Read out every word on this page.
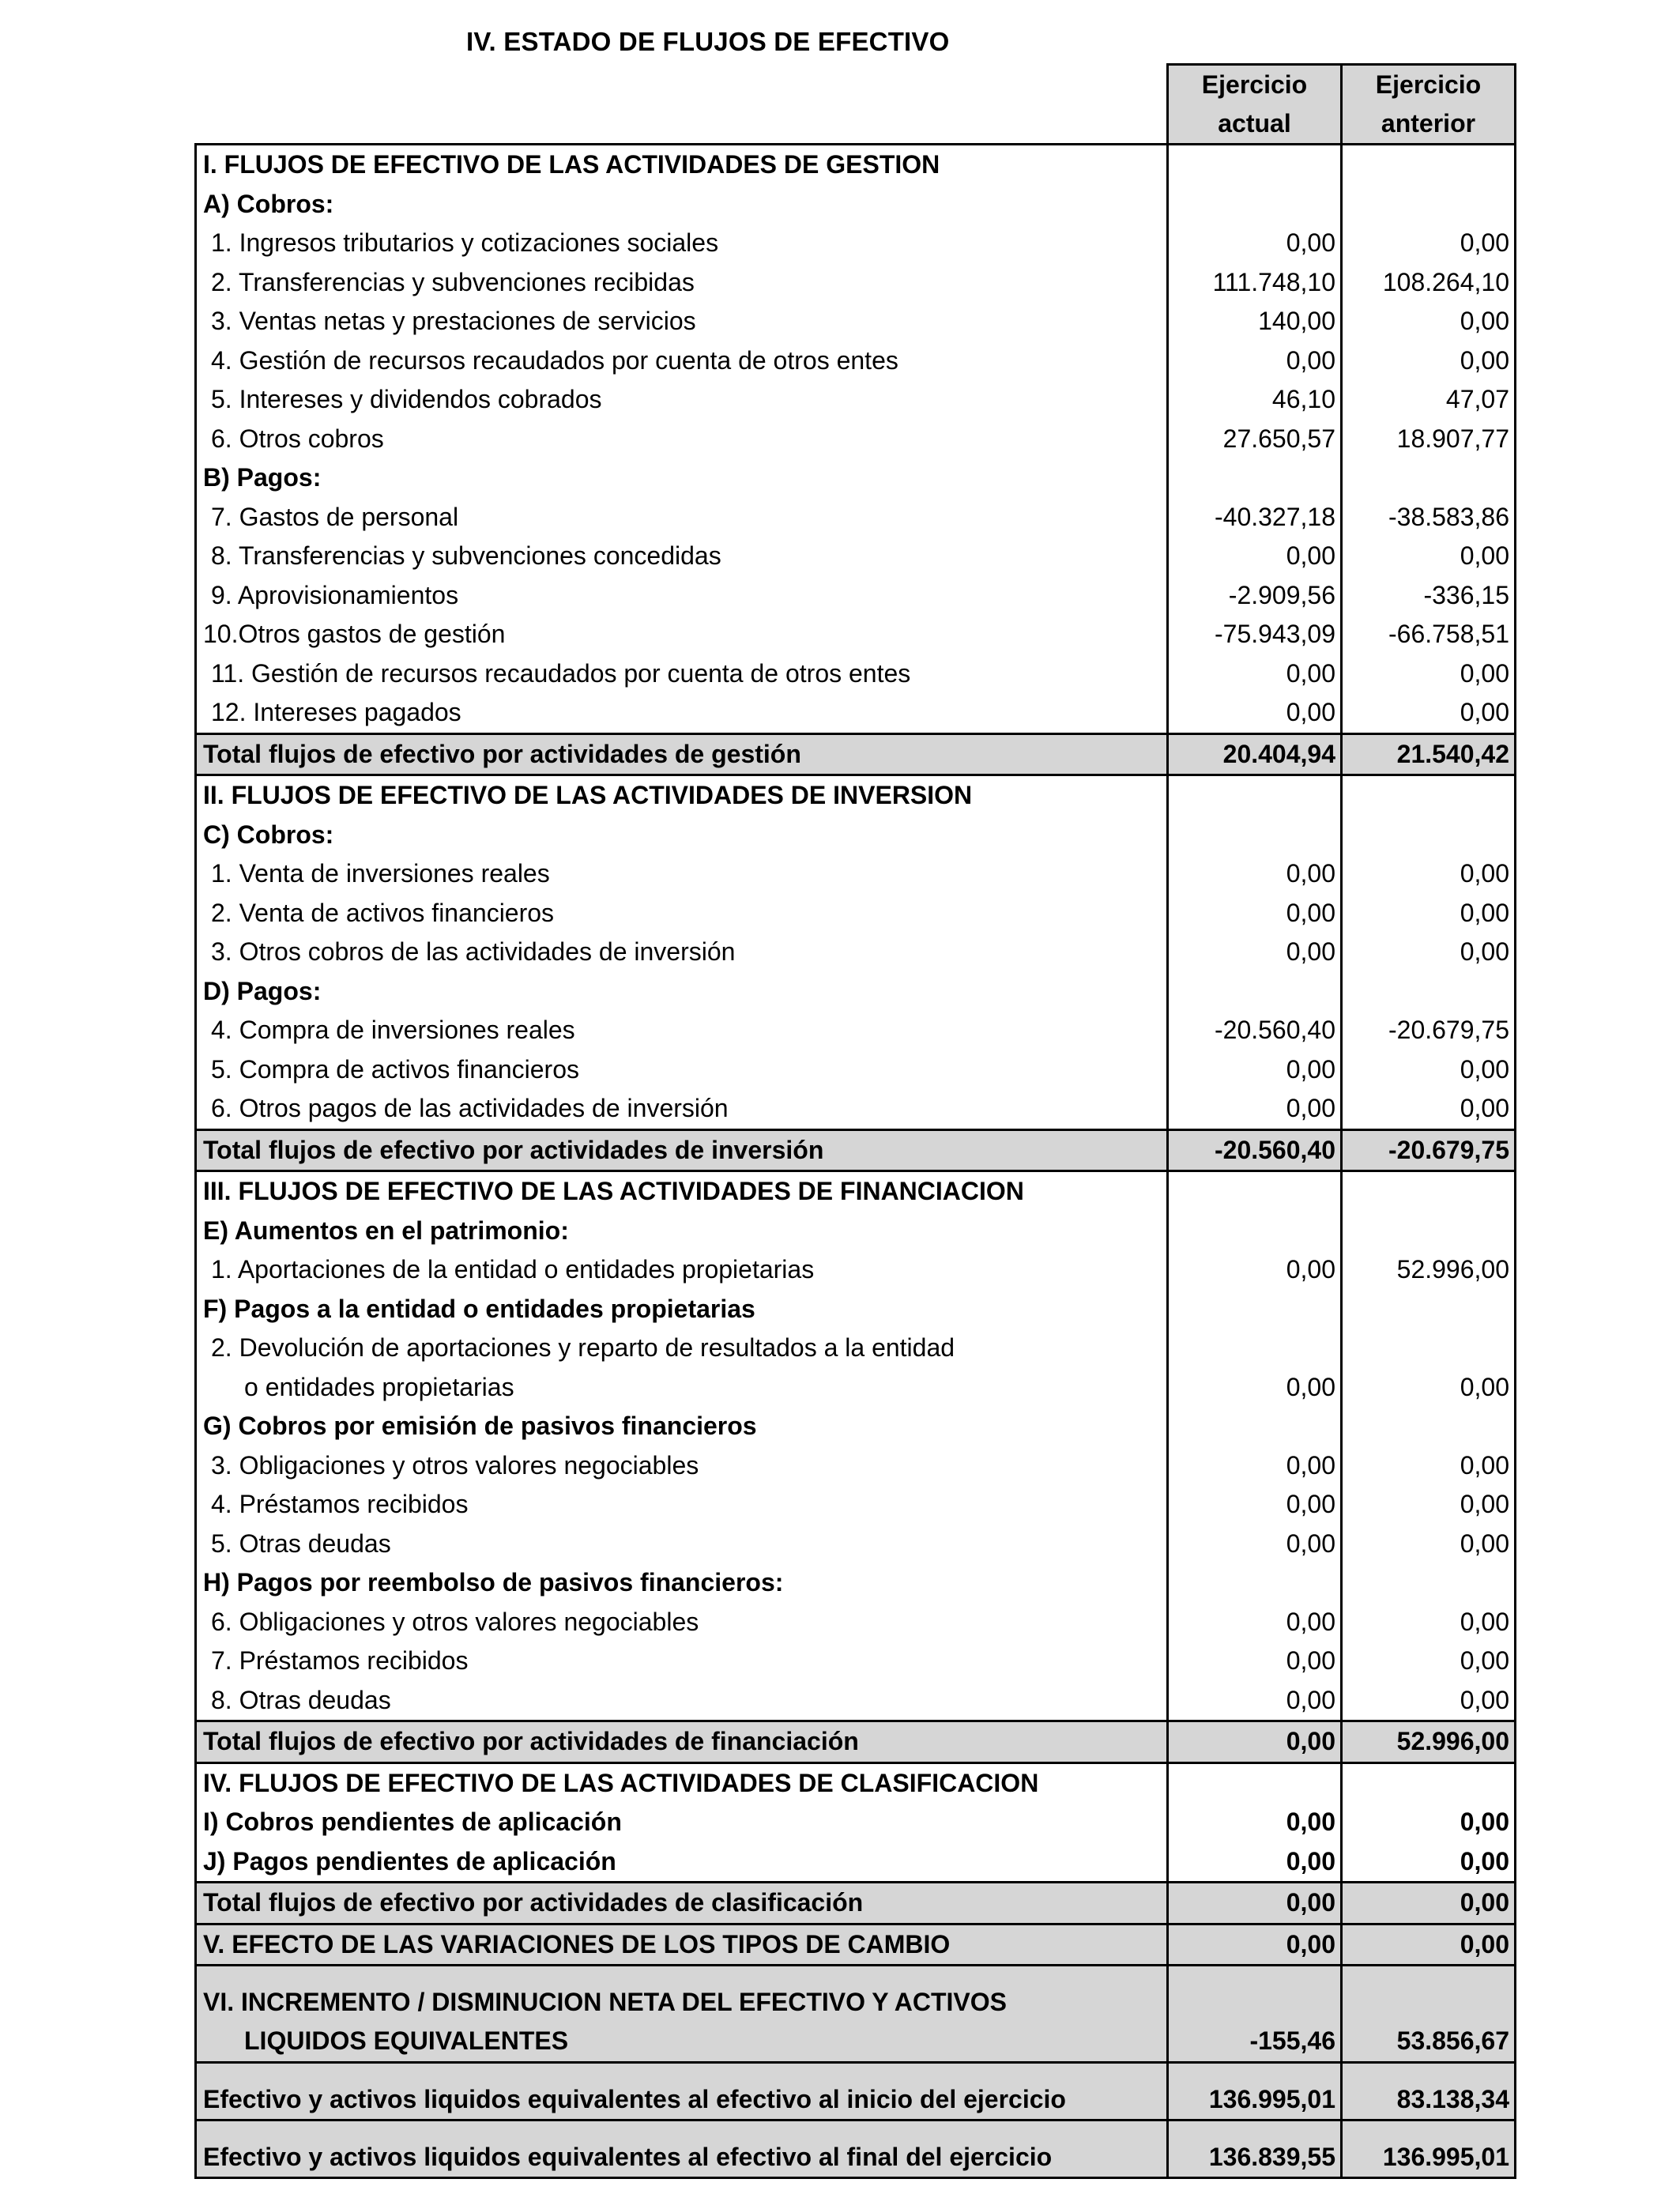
IV. ESTADO DE FLUJOS DE EFECTIVO
	Ejercicio	Ejercicio
	actual	anterior
I. FLUJOS DE EFECTIVO DE LAS ACTIVIDADES DE GESTION		
A) Cobros:		
1. Ingresos tributarios y cotizaciones sociales	0,00	0,00
2. Transferencias y subvenciones recibidas	111.748,10	108.264,10
3. Ventas netas y prestaciones de servicios	140,00	0,00
4. Gestión de recursos recaudados por cuenta de otros entes	0,00	0,00
5. Intereses y dividendos cobrados	46,10	47,07
6. Otros cobros	27.650,57	18.907,77
B) Pagos:		
7. Gastos de personal	-40.327,18	-38.583,86
8. Transferencias y subvenciones concedidas	0,00	0,00
9. Aprovisionamientos	-2.909,56	-336,15
10.Otros gastos de gestión	-75.943,09	-66.758,51
11. Gestión de recursos recaudados por cuenta de otros entes	0,00	0,00
12. Intereses pagados	0,00	0,00
Total flujos de efectivo por actividades de gestión	20.404,94	21.540,42
II. FLUJOS DE EFECTIVO DE LAS ACTIVIDADES DE INVERSION		
C) Cobros:		
1. Venta de inversiones reales	0,00	0,00
2. Venta de activos financieros	0,00	0,00
3. Otros cobros de las actividades de inversión	0,00	0,00
D) Pagos:		
4. Compra de inversiones reales	-20.560,40	-20.679,75
5. Compra de activos financieros	0,00	0,00
6. Otros pagos de las actividades de inversión	0,00	0,00
Total flujos de efectivo por actividades de inversión	-20.560,40	-20.679,75
III. FLUJOS DE EFECTIVO DE LAS ACTIVIDADES DE FINANCIACION		
E) Aumentos en el patrimonio:		
1. Aportaciones de la entidad o entidades propietarias	0,00	52.996,00
F) Pagos a la entidad o entidades propietarias		
2. Devolución de aportaciones y reparto de resultados a la entidad		
o entidades propietarias	0,00	0,00
G) Cobros por emisión de pasivos financieros		
3. Obligaciones y otros valores negociables	0,00	0,00
4. Préstamos recibidos	0,00	0,00
5. Otras deudas	0,00	0,00
H) Pagos por reembolso de pasivos financieros:		
6. Obligaciones y otros valores negociables	0,00	0,00
7. Préstamos recibidos	0,00	0,00
8. Otras deudas	0,00	0,00
Total flujos de efectivo por actividades de financiación	0,00	52.996,00
IV. FLUJOS DE EFECTIVO DE LAS ACTIVIDADES DE CLASIFICACION		
I) Cobros pendientes de aplicación	0,00	0,00
J) Pagos pendientes de aplicación	0,00	0,00
Total flujos de efectivo por actividades de clasificación	0,00	0,00
V. EFECTO DE LAS VARIACIONES DE LOS TIPOS DE CAMBIO	0,00	0,00
VI. INCREMENTO / DISMINUCION NETA DEL EFECTIVO Y ACTIVOS		
LIQUIDOS EQUIVALENTES	-155,46	53.856,67
Efectivo y activos liquidos equivalentes al efectivo al inicio del ejercicio	136.995,01	83.138,34
Efectivo y activos liquidos equivalentes al efectivo al final del ejercicio	136.839,55	136.995,01
